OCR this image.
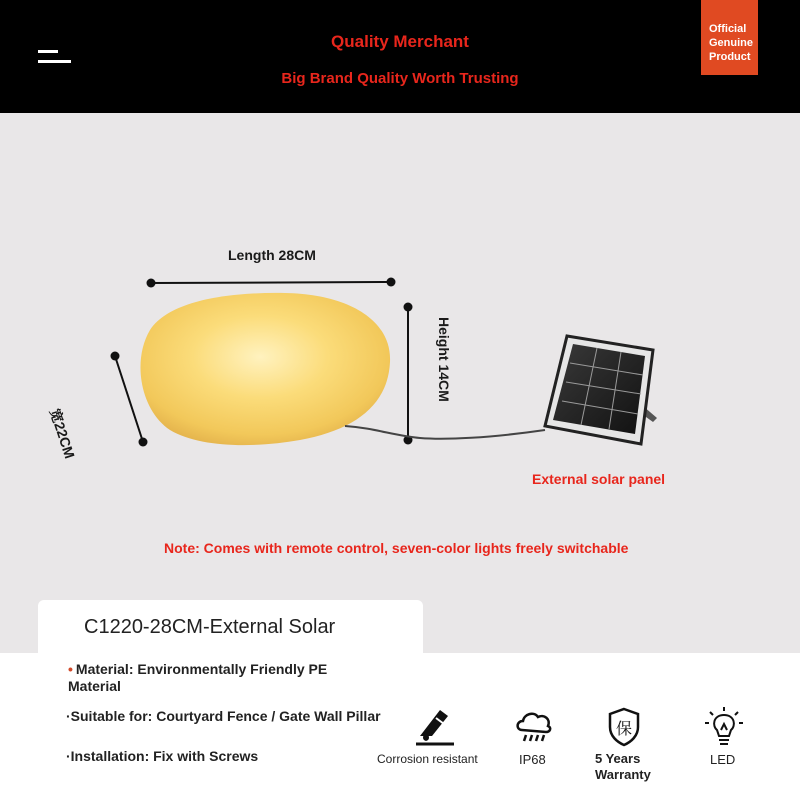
Quality Merchant
Big Brand Quality Worth Trusting
Official
Genuine
Product
Length 28CM
宽22CM
Height 14CM
External solar panel
Note: Comes with remote control, seven-color lights freely switchable
C1220-28CM-External Solar
• Material: Environmentally Friendly PE Material
·Suitable for: Courtyard Fence / Gate Wall Pillar
·Installation: Fix with Screws	Corrosion resistant	IP68
保
5 Years Warranty
LED
